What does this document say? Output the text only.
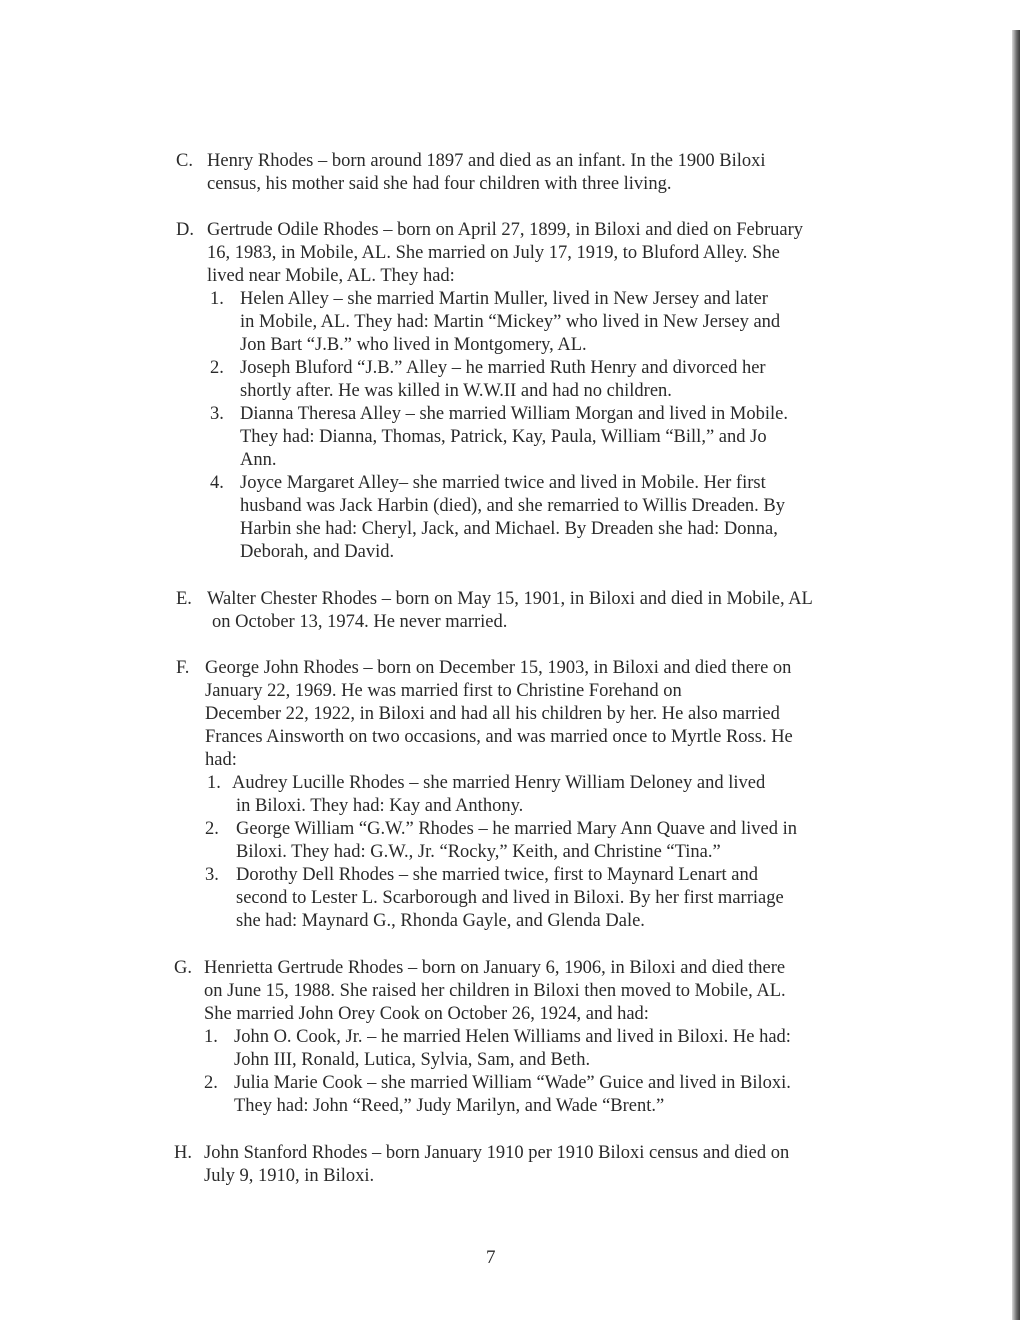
C. Henry Rhodes – born around 1897 and died as an infant. In the 1900 Biloxi
census, his mother said she had four children with three living.
D. Gertrude Odile Rhodes – born on April 27, 1899, in Biloxi and died on February
16, 1983, in Mobile, AL. She married on July 17, 1919, to Bluford Alley. She
lived near Mobile, AL. They had:
1. Helen Alley – she married Martin Muller, lived in New Jersey and later
in Mobile, AL. They had: Martin “Mickey” who lived in New Jersey and
Jon Bart “J.B.” who lived in Montgomery, AL.
2. Joseph Bluford “J.B.” Alley – he married Ruth Henry and divorced her
shortly after. He was killed in W.W.II and had no children.
3. Dianna Theresa Alley – she married William Morgan and lived in Mobile.
They had: Dianna, Thomas, Patrick, Kay, Paula, William “Bill,” and Jo
Ann.
4. Joyce Margaret Alley– she married twice and lived in Mobile. Her first
husband was Jack Harbin (died), and she remarried to Willis Dreaden. By
Harbin she had: Cheryl, Jack, and Michael. By Dreaden she had: Donna,
Deborah, and David.
E. Walter Chester Rhodes – born on May 15, 1901, in Biloxi and died in Mobile, AL
on October 13, 1974. He never married.
F. George John Rhodes – born on December 15, 1903, in Biloxi and died there on
January 22, 1969. He was married first to Christine Forehand on
December 22, 1922, in Biloxi and had all his children by her. He also married
Frances Ainsworth on two occasions, and was married once to Myrtle Ross. He
had:
1. Audrey Lucille Rhodes – she married Henry William Deloney and lived
in Biloxi. They had: Kay and Anthony.
2. George William “G.W.” Rhodes – he married Mary Ann Quave and lived in
Biloxi. They had: G.W., Jr. “Rocky,” Keith, and Christine “Tina.”
3. Dorothy Dell Rhodes – she married twice, first to Maynard Lenart and
second to Lester L. Scarborough and lived in Biloxi. By her first marriage
she had: Maynard G., Rhonda Gayle, and Glenda Dale.
G. Henrietta Gertrude Rhodes – born on January 6, 1906, in Biloxi and died there
on June 15, 1988. She raised her children in Biloxi then moved to Mobile, AL.
She married John Orey Cook on October 26, 1924, and had:
1. John O. Cook, Jr. – he married Helen Williams and lived in Biloxi. He had:
John III, Ronald, Lutica, Sylvia, Sam, and Beth.
2. Julia Marie Cook – she married William “Wade” Guice and lived in Biloxi.
They had: John “Reed,” Judy Marilyn, and Wade “Brent.”
H. John Stanford Rhodes – born January 1910 per 1910 Biloxi census and died on
July 9, 1910, in Biloxi.
7
